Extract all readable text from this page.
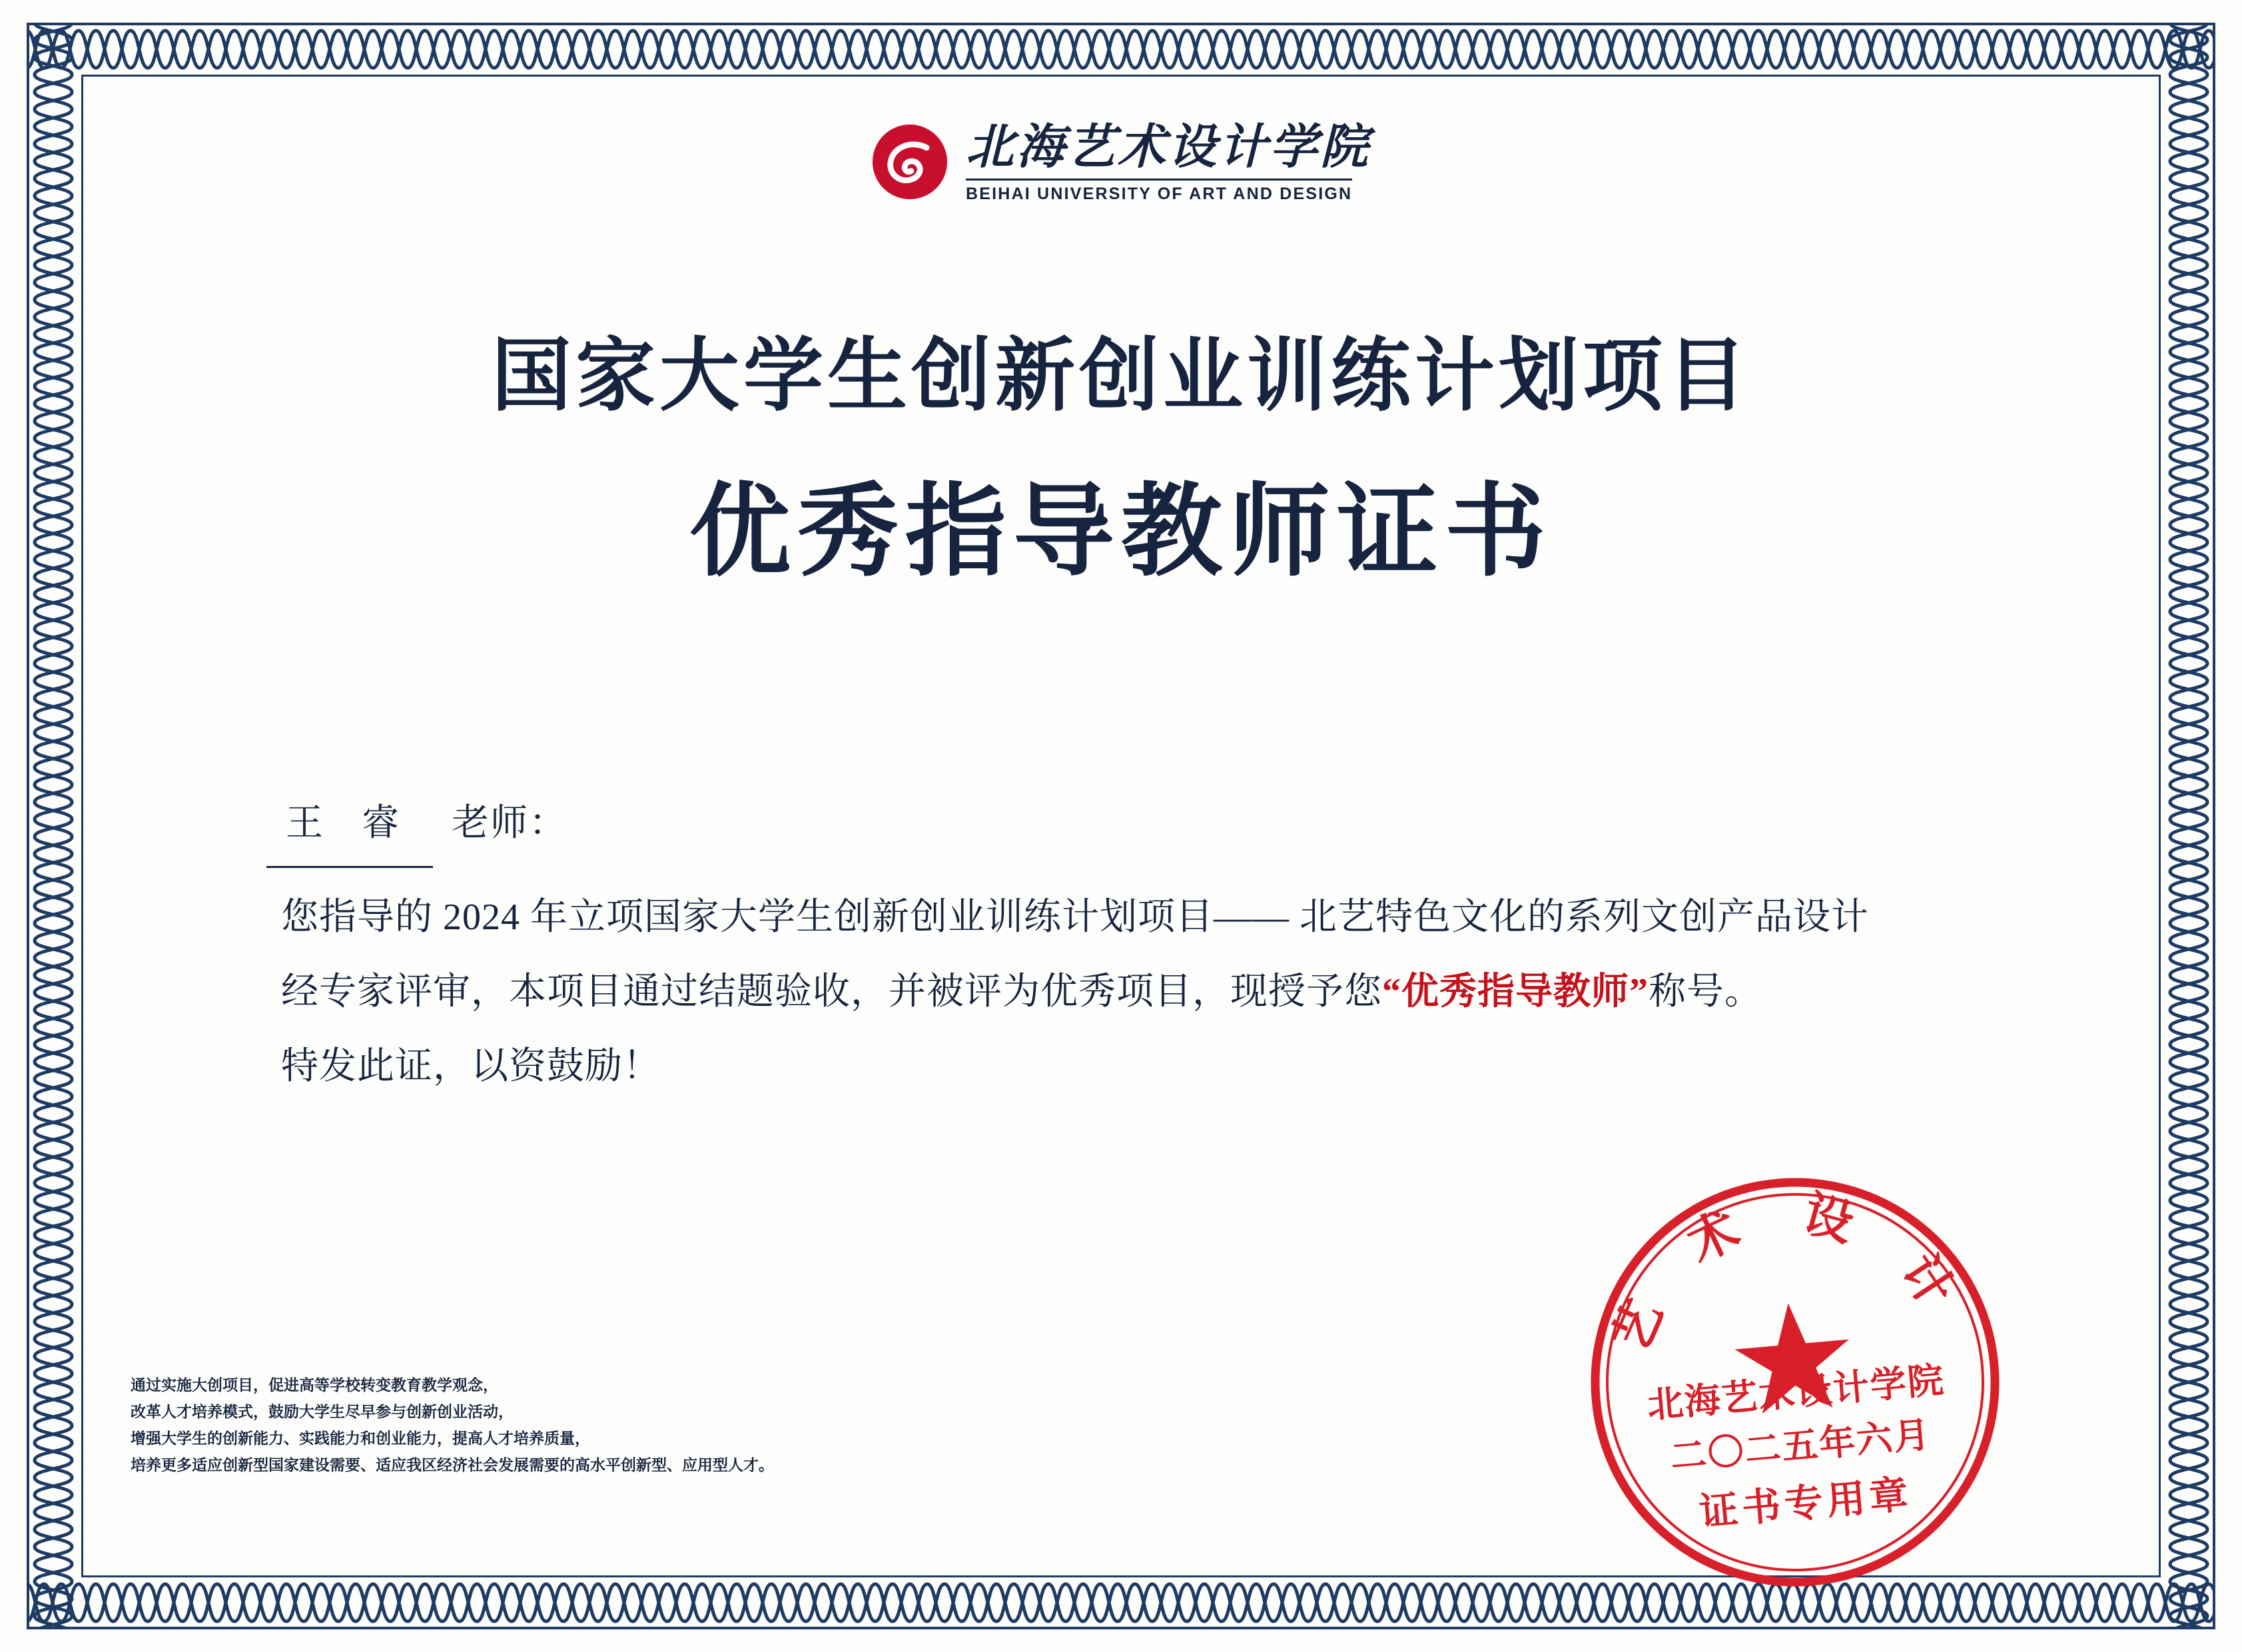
北海艺术设计学院
BEIHAI UNIVERSITY OF ART AND DESIGN
国家大学生创新创业训练计划项目
优秀指导教师证书
王 睿	老师：
您指导的 2024 年立项国家大学生创新创业训练计划项目—— 北艺特色文化的系列文创产品设计
经专家评审，本项目通过结题验收，并被评为优秀项目，现授予您“优秀指导教师”称号。
特发此证，以资鼓励！
通过实施大创项目，促进高等学校转变教育教学观念，
改革人才培养模式，鼓励大学生尽早参与创新创业活动，
增强大学生的创新能力、实践能力和创业能力，提高人才培养质量，
培养更多适应创新型国家建设需要、适应我区经济社会发展需要的高水平创新型、应用型人才。
艺 术 设 计
北海艺术设计学院
二〇二五年六月
证书专用章
